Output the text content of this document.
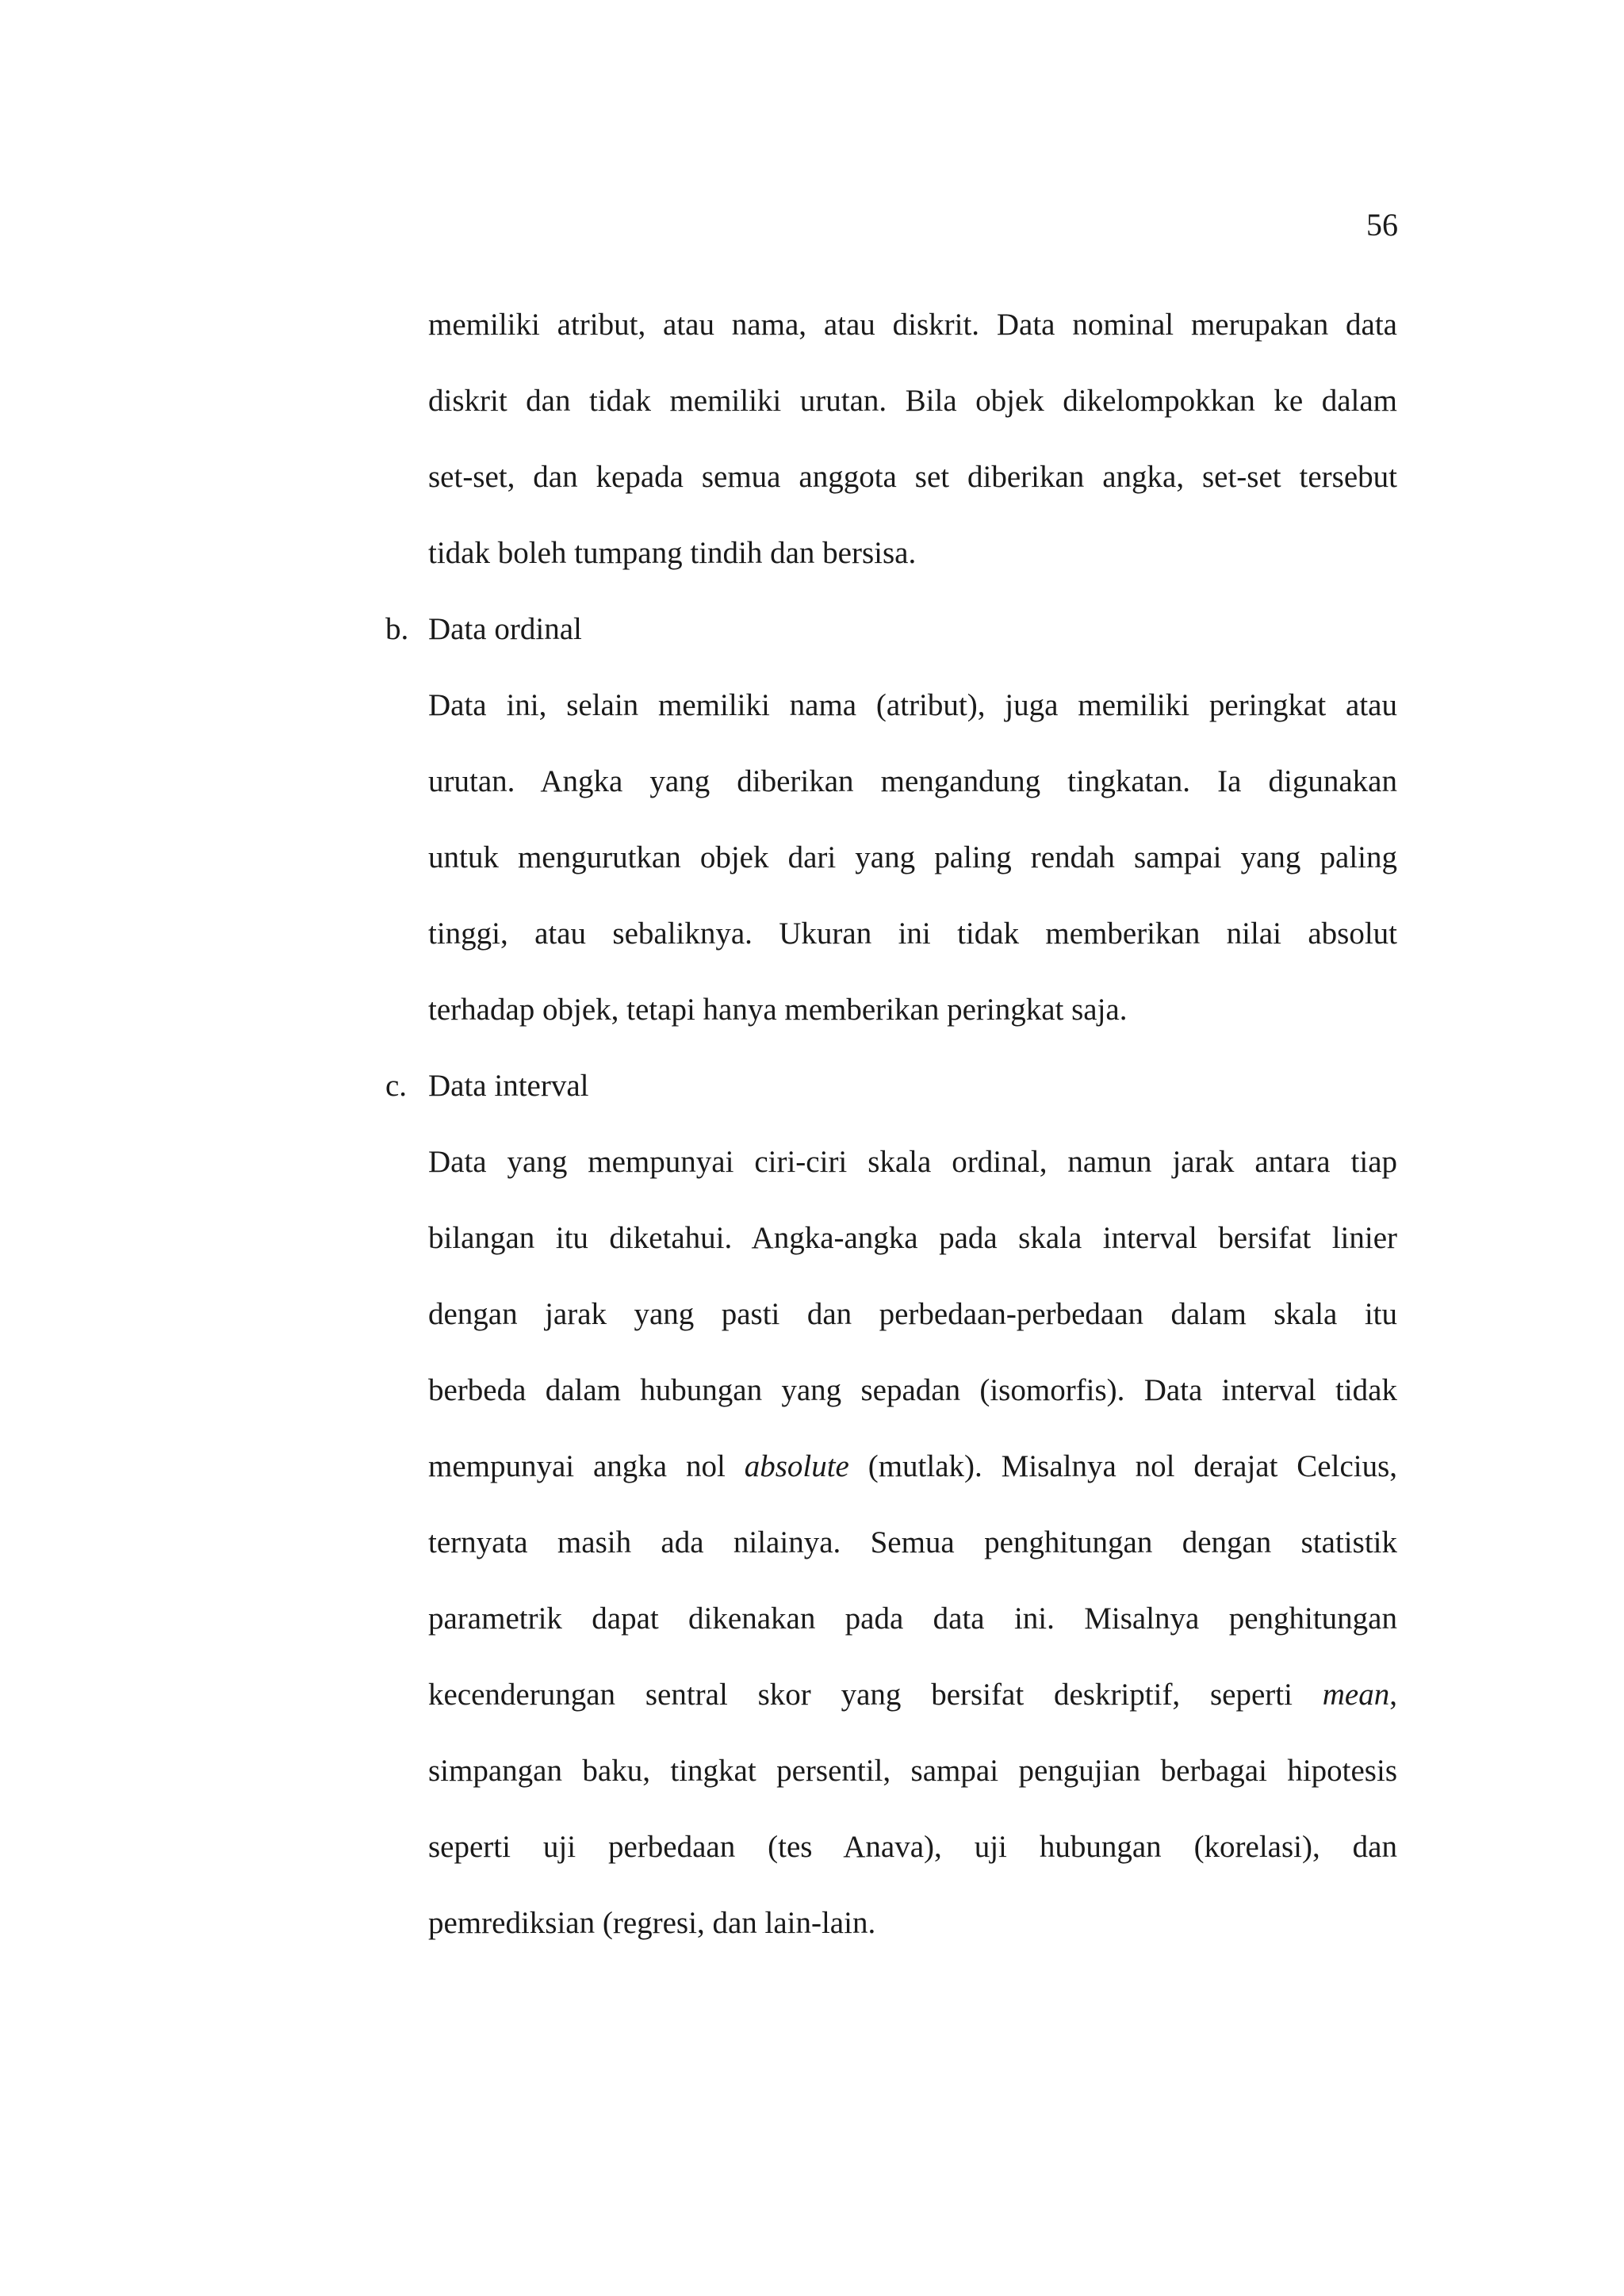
56
memiliki atribut, atau nama, atau diskrit. Data nominal merupakan data
diskrit dan tidak memiliki urutan. Bila objek dikelompokkan ke dalam
set-set, dan kepada semua anggota set diberikan angka, set-set tersebut
tidak boleh tumpang tindih dan bersisa.
b. Data ordinal
Data ini, selain memiliki nama (atribut), juga memiliki peringkat atau
urutan. Angka yang diberikan mengandung tingkatan. Ia digunakan
untuk mengurutkan objek dari yang paling rendah sampai yang paling
tinggi, atau sebaliknya. Ukuran ini tidak memberikan nilai absolut
terhadap objek, tetapi hanya memberikan peringkat saja.
c. Data interval
Data yang mempunyai ciri-ciri skala ordinal, namun jarak antara tiap
bilangan itu diketahui. Angka-angka pada skala interval bersifat linier
dengan jarak yang pasti dan perbedaan-perbedaan dalam skala itu
berbeda dalam hubungan yang sepadan (isomorfis). Data interval tidak
mempunyai angka nol absolute (mutlak). Misalnya nol derajat Celcius,
ternyata masih ada nilainya. Semua penghitungan dengan statistik
parametrik dapat dikenakan pada data ini. Misalnya penghitungan
kecenderungan sentral skor yang bersifat deskriptif, seperti mean,
simpangan baku, tingkat persentil, sampai pengujian berbagai hipotesis
seperti uji perbedaan (tes Anava), uji hubungan (korelasi), dan
pemrediksian (regresi, dan lain-lain.
